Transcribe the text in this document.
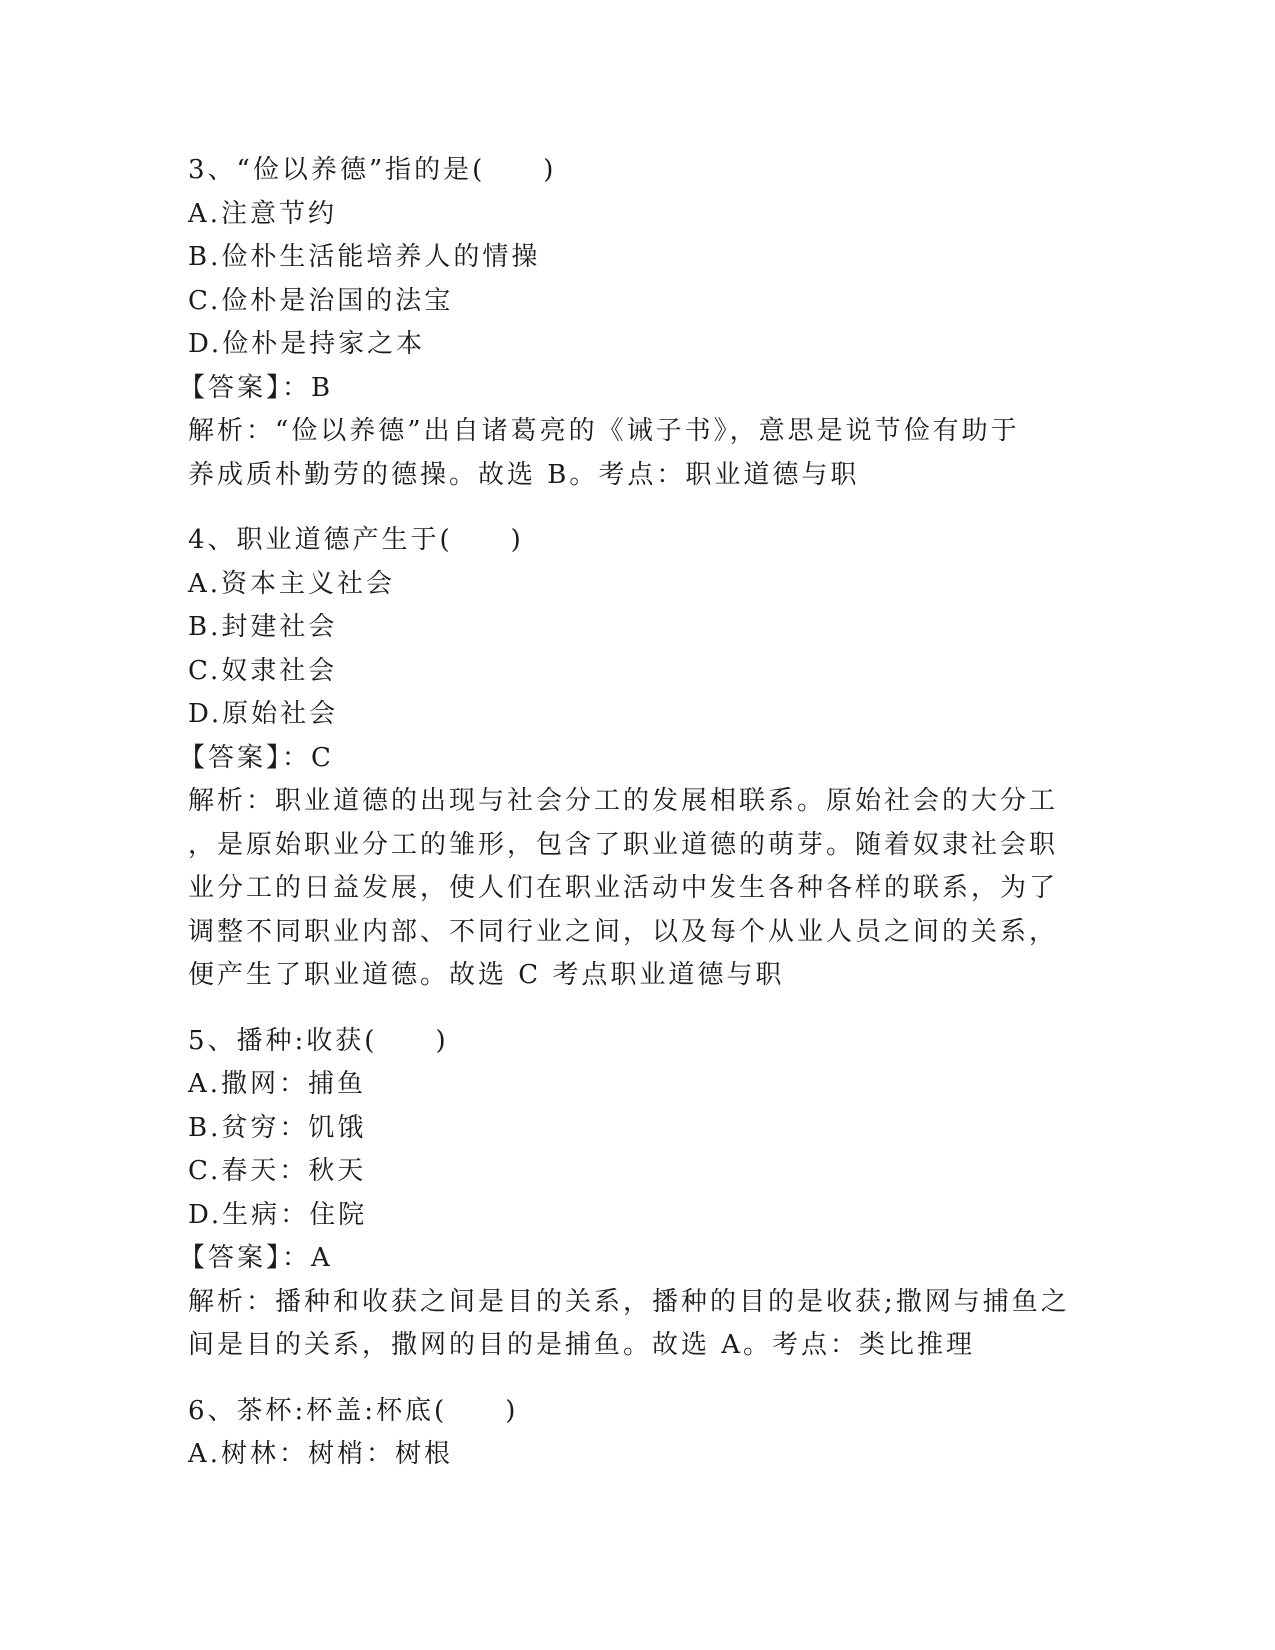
3、“俭以养德”指的是(　　)
A.注意节约
B.俭朴生活能培养人的情操
C.俭朴是治国的法宝
D.俭朴是持家之本
【答案】：B
解析：“俭以养德”出自诸葛亮的《诫子书》，意思是说节俭有助于
养成质朴勤劳的德操。故选 B。考点：职业道德与职
4、职业道德产生于(　　)
A.资本主义社会
B.封建社会
C.奴隶社会
D.原始社会
【答案】：C
解析：职业道德的出现与社会分工的发展相联系。原始社会的大分工
，是原始职业分工的雏形，包含了职业道德的萌芽。随着奴隶社会职
业分工的日益发展，使人们在职业活动中发生各种各样的联系，为了
调整不同职业内部、不同行业之间，以及每个从业人员之间的关系，
便产生了职业道德。故选 C 考点职业道德与职
5、播种:收获(　　)
A.撒网：捕鱼
B.贫穷：饥饿
C.春天：秋天
D.生病：住院
【答案】：A
解析：播种和收获之间是目的关系，播种的目的是收获;撒网与捕鱼之
间是目的关系，撒网的目的是捕鱼。故选 A。考点：类比推理
6、茶杯:杯盖:杯底(　　)
A.树林：树梢：树根
